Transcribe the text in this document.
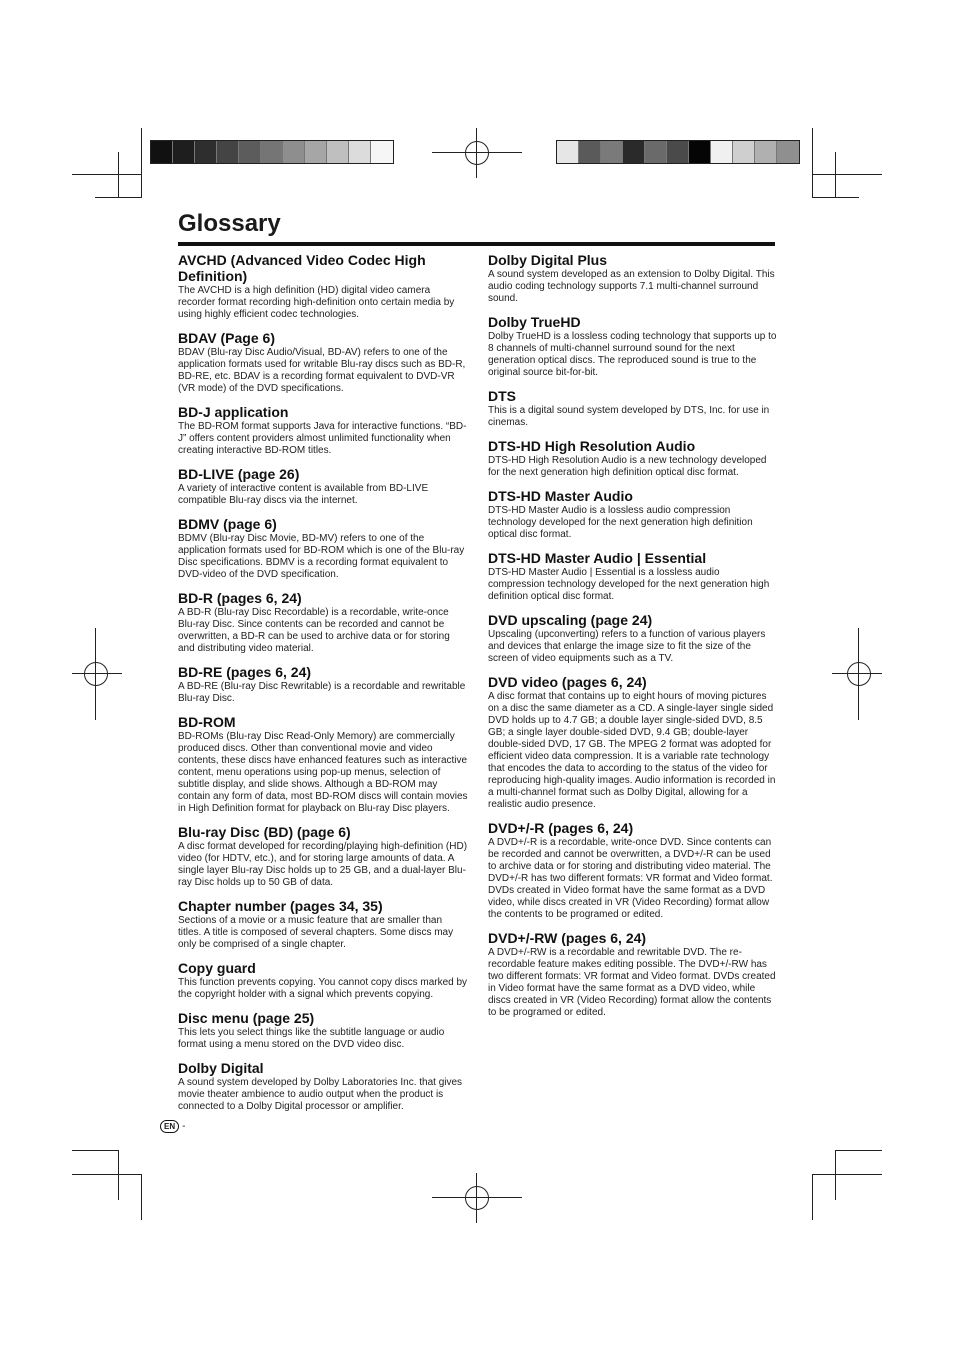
Glossary
AVCHD (Advanced Video Codec High Definition)
The AVCHD is a high definition (HD) digital video camera recorder format recording high-definition onto certain media by using highly efficient codec technologies.
BDAV (Page 6)
BDAV (Blu-ray Disc Audio/Visual, BD-AV) refers to one of the application formats used for writable Blu-ray discs such as BD-R, BD-RE, etc. BDAV is a recording format equivalent to DVD-VR (VR mode) of the DVD specifications.
BD-J application
The BD-ROM format supports Java for interactive functions. “BD-J” offers content providers almost unlimited functionality when creating interactive BD-ROM titles.
BD-LIVE (page 26)
A variety of interactive content is available from BD-LIVE compatible Blu-ray discs via the internet.
BDMV (page 6)
BDMV (Blu-ray Disc Movie, BD-MV) refers to one of the application formats used for BD-ROM which is one of the Blu-ray Disc specifications. BDMV is a recording format equivalent to DVD-video of the DVD specification.
BD-R (pages 6, 24)
A BD-R (Blu-ray Disc Recordable) is a recordable, write-once Blu-ray Disc. Since contents can be recorded and cannot be overwritten, a BD-R can be used to archive data or for storing and distributing video material.
BD-RE (pages 6, 24)
A BD-RE (Blu-ray Disc Rewritable) is a recordable and rewritable Blu-ray Disc.
BD-ROM
BD-ROMs (Blu-ray Disc Read-Only Memory) are commercially produced discs. Other than conventional movie and video contents, these discs have enhanced features such as interactive content, menu operations using pop-up menus, selection of subtitle display, and slide shows. Although a BD-ROM may contain any form of data, most BD-ROM discs will contain movies in High Definition format for playback on Blu-ray Disc players.
Blu-ray Disc (BD) (page 6)
A disc format developed for recording/playing high-definition (HD) video (for HDTV, etc.), and for storing large amounts of data. A single layer Blu-ray Disc holds up to 25 GB, and a dual-layer Blu-ray Disc holds up to 50 GB of data.
Chapter number (pages 34, 35)
Sections of a movie or a music feature that are smaller than titles. A title is composed of several chapters. Some discs may only be comprised of a single chapter.
Copy guard
This function prevents copying. You cannot copy discs marked by the copyright holder with a signal which prevents copying.
Disc menu (page 25)
This lets you select things like the subtitle language or audio format using a menu stored on the DVD video disc.
Dolby Digital
A sound system developed by Dolby Laboratories Inc. that gives movie theater ambience to audio output when the product is connected to a Dolby Digital processor or amplifier.
Dolby Digital Plus
A sound system developed as an extension to Dolby Digital. This audio coding technology supports 7.1 multi-channel surround sound.
Dolby TrueHD
Dolby TrueHD is a lossless coding technology that supports up to 8 channels of multi-channel surround sound for the next generation optical discs. The reproduced sound is true to the original source bit-for-bit.
DTS
This is a digital sound system developed by DTS, Inc. for use in cinemas.
DTS-HD High Resolution Audio
DTS-HD High Resolution Audio is a new technology developed for the next generation high definition optical disc format.
DTS-HD Master Audio
DTS-HD Master Audio is a lossless audio compression technology developed for the next generation high definition optical disc format.
DTS-HD Master Audio | Essential
DTS-HD Master Audio | Essential is a lossless audio compression technology developed for the next generation high definition optical disc format.
DVD upscaling (page 24)
Upscaling (upconverting) refers to a function of various players and devices that enlarge the image size to fit the size of the screen of video equipments such as a TV.
DVD video (pages 6, 24)
A disc format that contains up to eight hours of moving pictures on a disc the same diameter as a CD. A single-layer single sided DVD holds up to 4.7 GB; a double layer single-sided DVD, 8.5 GB; a single layer double-sided DVD, 9.4 GB; double-layer double-sided DVD, 17 GB. The MPEG 2 format was adopted for efficient video data compression. It is a variable rate technology that encodes the data to according to the status of the video for reproducing high-quality images. Audio information is recorded in a multi-channel format such as Dolby Digital, allowing for a realistic audio presence.
DVD+/-R (pages 6, 24)
A DVD+/-R is a recordable, write-once DVD. Since contents can be recorded and cannot be overwritten, a DVD+/-R can be used to archive data or for storing and distributing video material. The DVD+/-R has two different formats: VR format and Video format. DVDs created in Video format have the same format as a DVD video, while discs created in VR (Video Recording) format allow the contents to be programed or edited.
DVD+/-RW (pages 6, 24)
A DVD+/-RW is a recordable and rewritable DVD. The re-recordable feature makes editing possible. The DVD+/-RW has two different formats: VR format and Video format. DVDs created in Video format have the same format as a DVD video, while discs created in VR (Video Recording) format allow the contents to be programed or edited.
EN -
